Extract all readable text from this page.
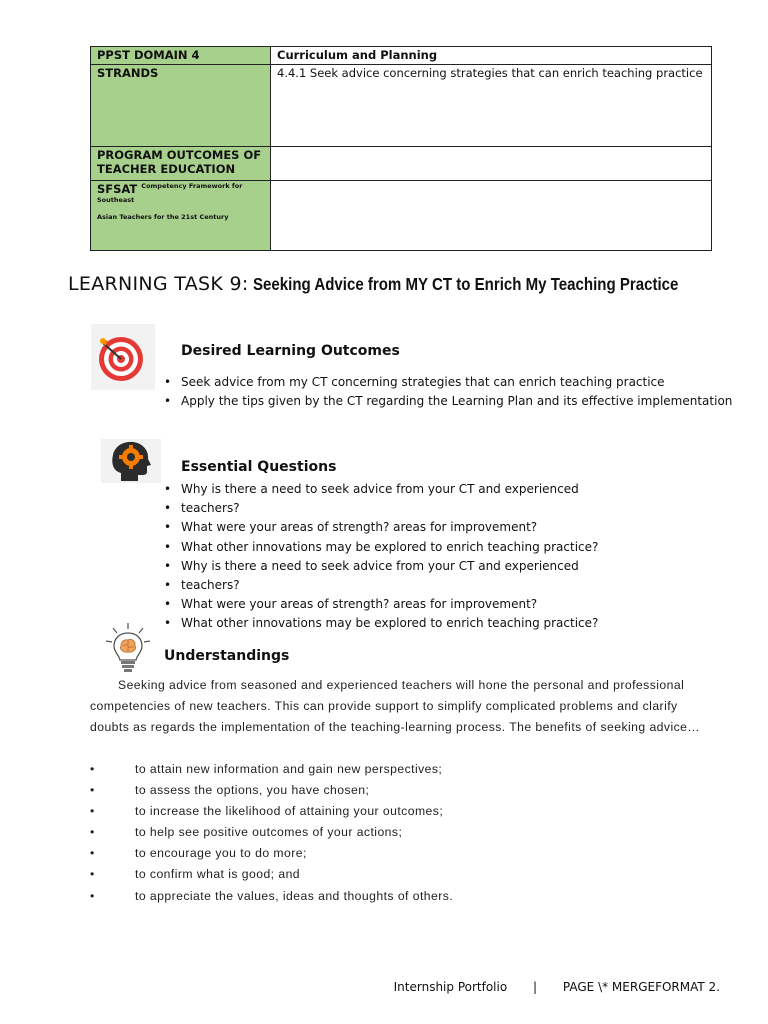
PPST DOMAIN 4	Curriculum and Planning
STRANDS	4.4.1 Seek advice concerning strategies that can enrich teaching practice
PROGRAM OUTCOMES OF TEACHER EDUCATION	
SFSAT $^{Competency Framework for Southeast}$
Asian Teachers for the 21st Century	

LEARNING TASK 9: Seeking Advice from MY CT to Enrich My Teaching Practice
Desired Learning Outcomes
• Seek advice from my CT concerning strategies that can enrich teaching practice
• Apply the tips given by the CT regarding the Learning Plan and its effective implementation
Essential Questions
• Why is there a need to seek advice from your CT and experienced
• teachers?
• What were your areas of strength? areas for improvement?
• What other innovations may be explored to enrich teaching practice?
• Why is there a need to seek advice from your CT and experienced
• teachers?
• What were your areas of strength? areas for improvement?
• What other innovations may be explored to enrich teaching practice?
Understandings

Seeking advice from seasoned and experienced teachers will hone the personal and professional competencies of new teachers. This can provide support to simplify complicated problems and clarify doubts as regards the implementation of the teaching-learning process. The benefits of seeking advice…

•	to attain new information and gain new perspectives;
•	to assess the options, you have chosen;
•	to increase the likelihood of attaining your outcomes;
•	to help see positive outcomes of your actions;
•	to encourage you to do more;
•	to confirm what is good; and
•	to appreciate the values, ideas and thoughts of others.
Internship Portfolio | PAGE \* MERGEFORMAT 2.
